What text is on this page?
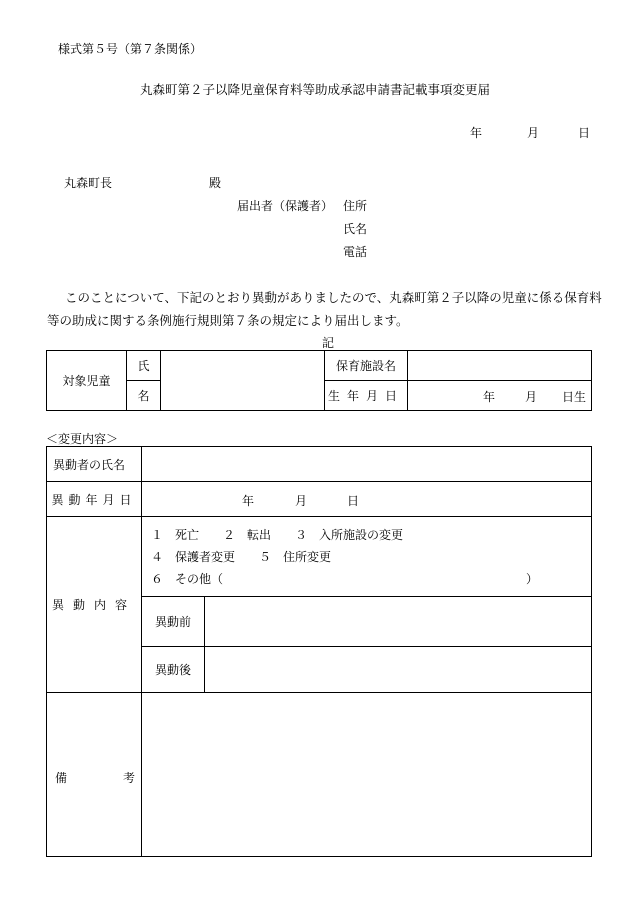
様式第５号（第７条関係）
丸森町第２子以降児童保育料等助成承認申請書記載事項変更届
年	月	日
丸森町長	殿
届出者（保護者） 住所
氏名
電話
このことについて、下記のとおり異動がありましたので、丸森町第２子以降の児童に係る保育料等の助成に関する条例施行規則第７条の規定により届出します。
記
対象児童	氏		保育施設名	
	名		生年月日	年 月 日生
＜変更内容＞
異動者の氏名		
異動年月日	年 月 日	

異動内容	１　死亡　　２　転出　　３　入所施設の変更
４　保護者変更　　５　住所変更
６　その他（ ）	

	異動前	
	異動後	

備 考		
